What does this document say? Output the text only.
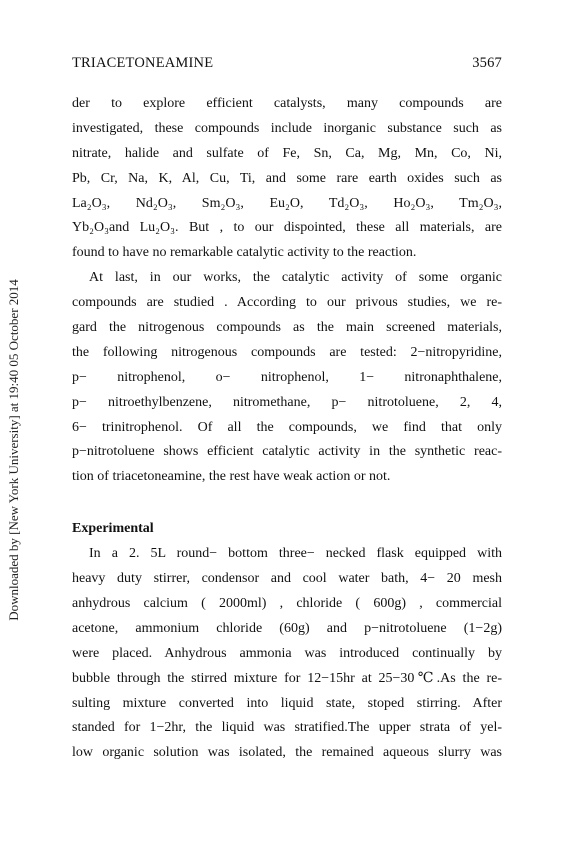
Downloaded by [New York University] at 19:40 05 October 2014
TRIACETONEAMINE	3567
der to explore efficient catalysts, many compounds are
investigated, these compounds include inorganic substance such as
nitrate, halide and sulfate of Fe, Sn, Ca, Mg, Mn, Co, Ni,
Pb, Cr, Na, K, Al, Cu, Ti, and some rare earth oxides such as
La₂O₃, Nd₂O₃, Sm₂O₃, Eu₂O, Td₂O₃, Ho₂O₃, Tm₂O₃,
Yb₂O₃and Lu₂O₃. But , to our dispointed, these all materials, are
found to have no remarkable catalytic activity to the reaction.
At last, in our works, the catalytic activity of some organic
compounds are studied . According to our privous studies, we re-
gard the nitrogenous compounds as the main screened materials,
the following nitrogenous compounds are tested: 2−nitropyridine,
p− nitrophenol, o− nitrophenol, 1− nitronaphthalene,
p− nitroethylbenzene, nitromethane, p− nitrotoluene, 2, 4,
6− trinitrophenol. Of all the compounds, we find that only
p−nitrotoluene shows efficient catalytic activity in the synthetic reac-
tion of triacetoneamine, the rest have weak action or not.
Experimental
In a 2. 5L round− bottom three− necked flask equipped with
heavy duty stirrer, condensor and cool water bath, 4− 20 mesh
anhydrous calcium ( 2000ml) , chloride ( 600g) , commercial
acetone, ammonium chloride (60g) and p−nitrotoluene (1−2g)
were placed. Anhydrous ammonia was introduced continually by
bubble through the stirred mixture for 12−15hr at 25−30℃.As the re-
sulting mixture converted into liquid state, stoped stirring. After
standed for 1−2hr, the liquid was stratified.The upper strata of yel-
low organic solution was isolated, the remained aqueous slurry was
